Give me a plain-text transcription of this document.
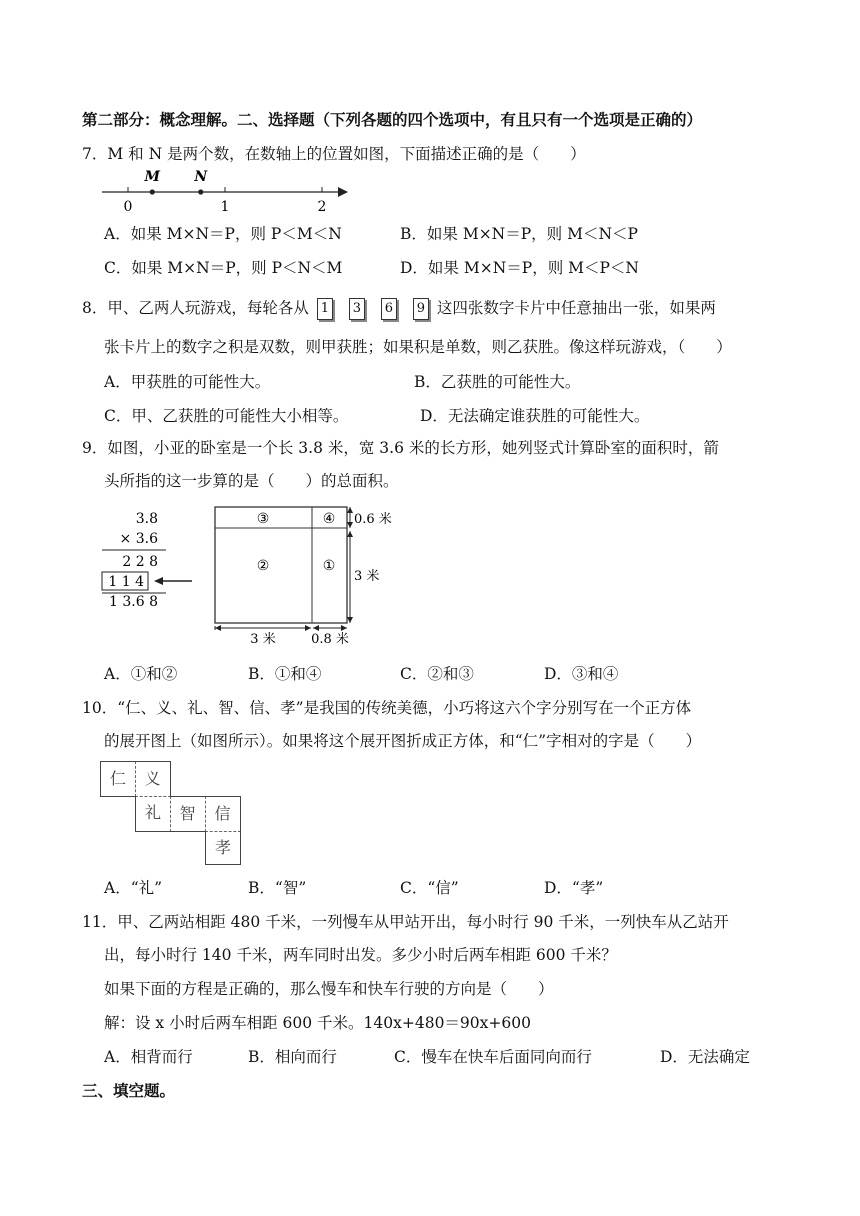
第二部分：概念理解。二、选择题（下列各题的四个选项中，有且只有一个选项是正确的）
7．M 和 N 是两个数，在数轴上的位置如图，下面描述正确的是（　　）
M N
0	1	2
A．如果 M×N＝P，则 P＜M＜N	B．如果 M×N＝P，则 M＜N＜P
C．如果 M×N＝P，则 P＜N＜M	D．如果 M×N＝P，则 M＜P＜N
8．甲、乙两人玩游戏，每轮各从 1 3 6 9 这四张数字卡片中任意抽出一张，如果两
张卡片上的数字之积是双数，则甲获胜；如果积是单数，则乙获胜。像这样玩游戏，（　　）
A．甲获胜的可能性大。	B．乙获胜的可能性大。
C．甲、乙获胜的可能性大小相等。	D．无法确定谁获胜的可能性大。
9．如图，小亚的卧室是一个长 3.8 米，宽 3.6 米的长方形，她列竖式计算卧室的面积时，箭
头所指的这一步算的是（　　）的总面积。
3.8
× 3.6
2 2 8
1 1 4
1 3.6 8
③	④
②	①
0.6 米
3 米
3 米	0.8 米
A．①和②	B．①和④	C．②和③	D．③和④
10．“仁、义、礼、智、信、孝”是我国的传统美德，小巧将这六个字分别写在一个正方体
的展开图上（如图所示）。如果将这个展开图折成正方体，和“仁”字相对的字是（　　）
仁	义
礼	智	信
孝
A．“礼”	B．“智”	C．“信”	D．“孝”
11．甲、乙两站相距 480 千米，一列慢车从甲站开出，每小时行 90 千米，一列快车从乙站开
出，每小时行 140 千米，两车同时出发。多少小时后两车相距 600 千米？
如果下面的方程是正确的，那么慢车和快车行驶的方向是（　　）
解：设 x 小时后两车相距 600 千米。140x+480＝90x+600
A．相背而行	B．相向而行	C．慢车在快车后面同向而行	D．无法确定
三、填空题。
